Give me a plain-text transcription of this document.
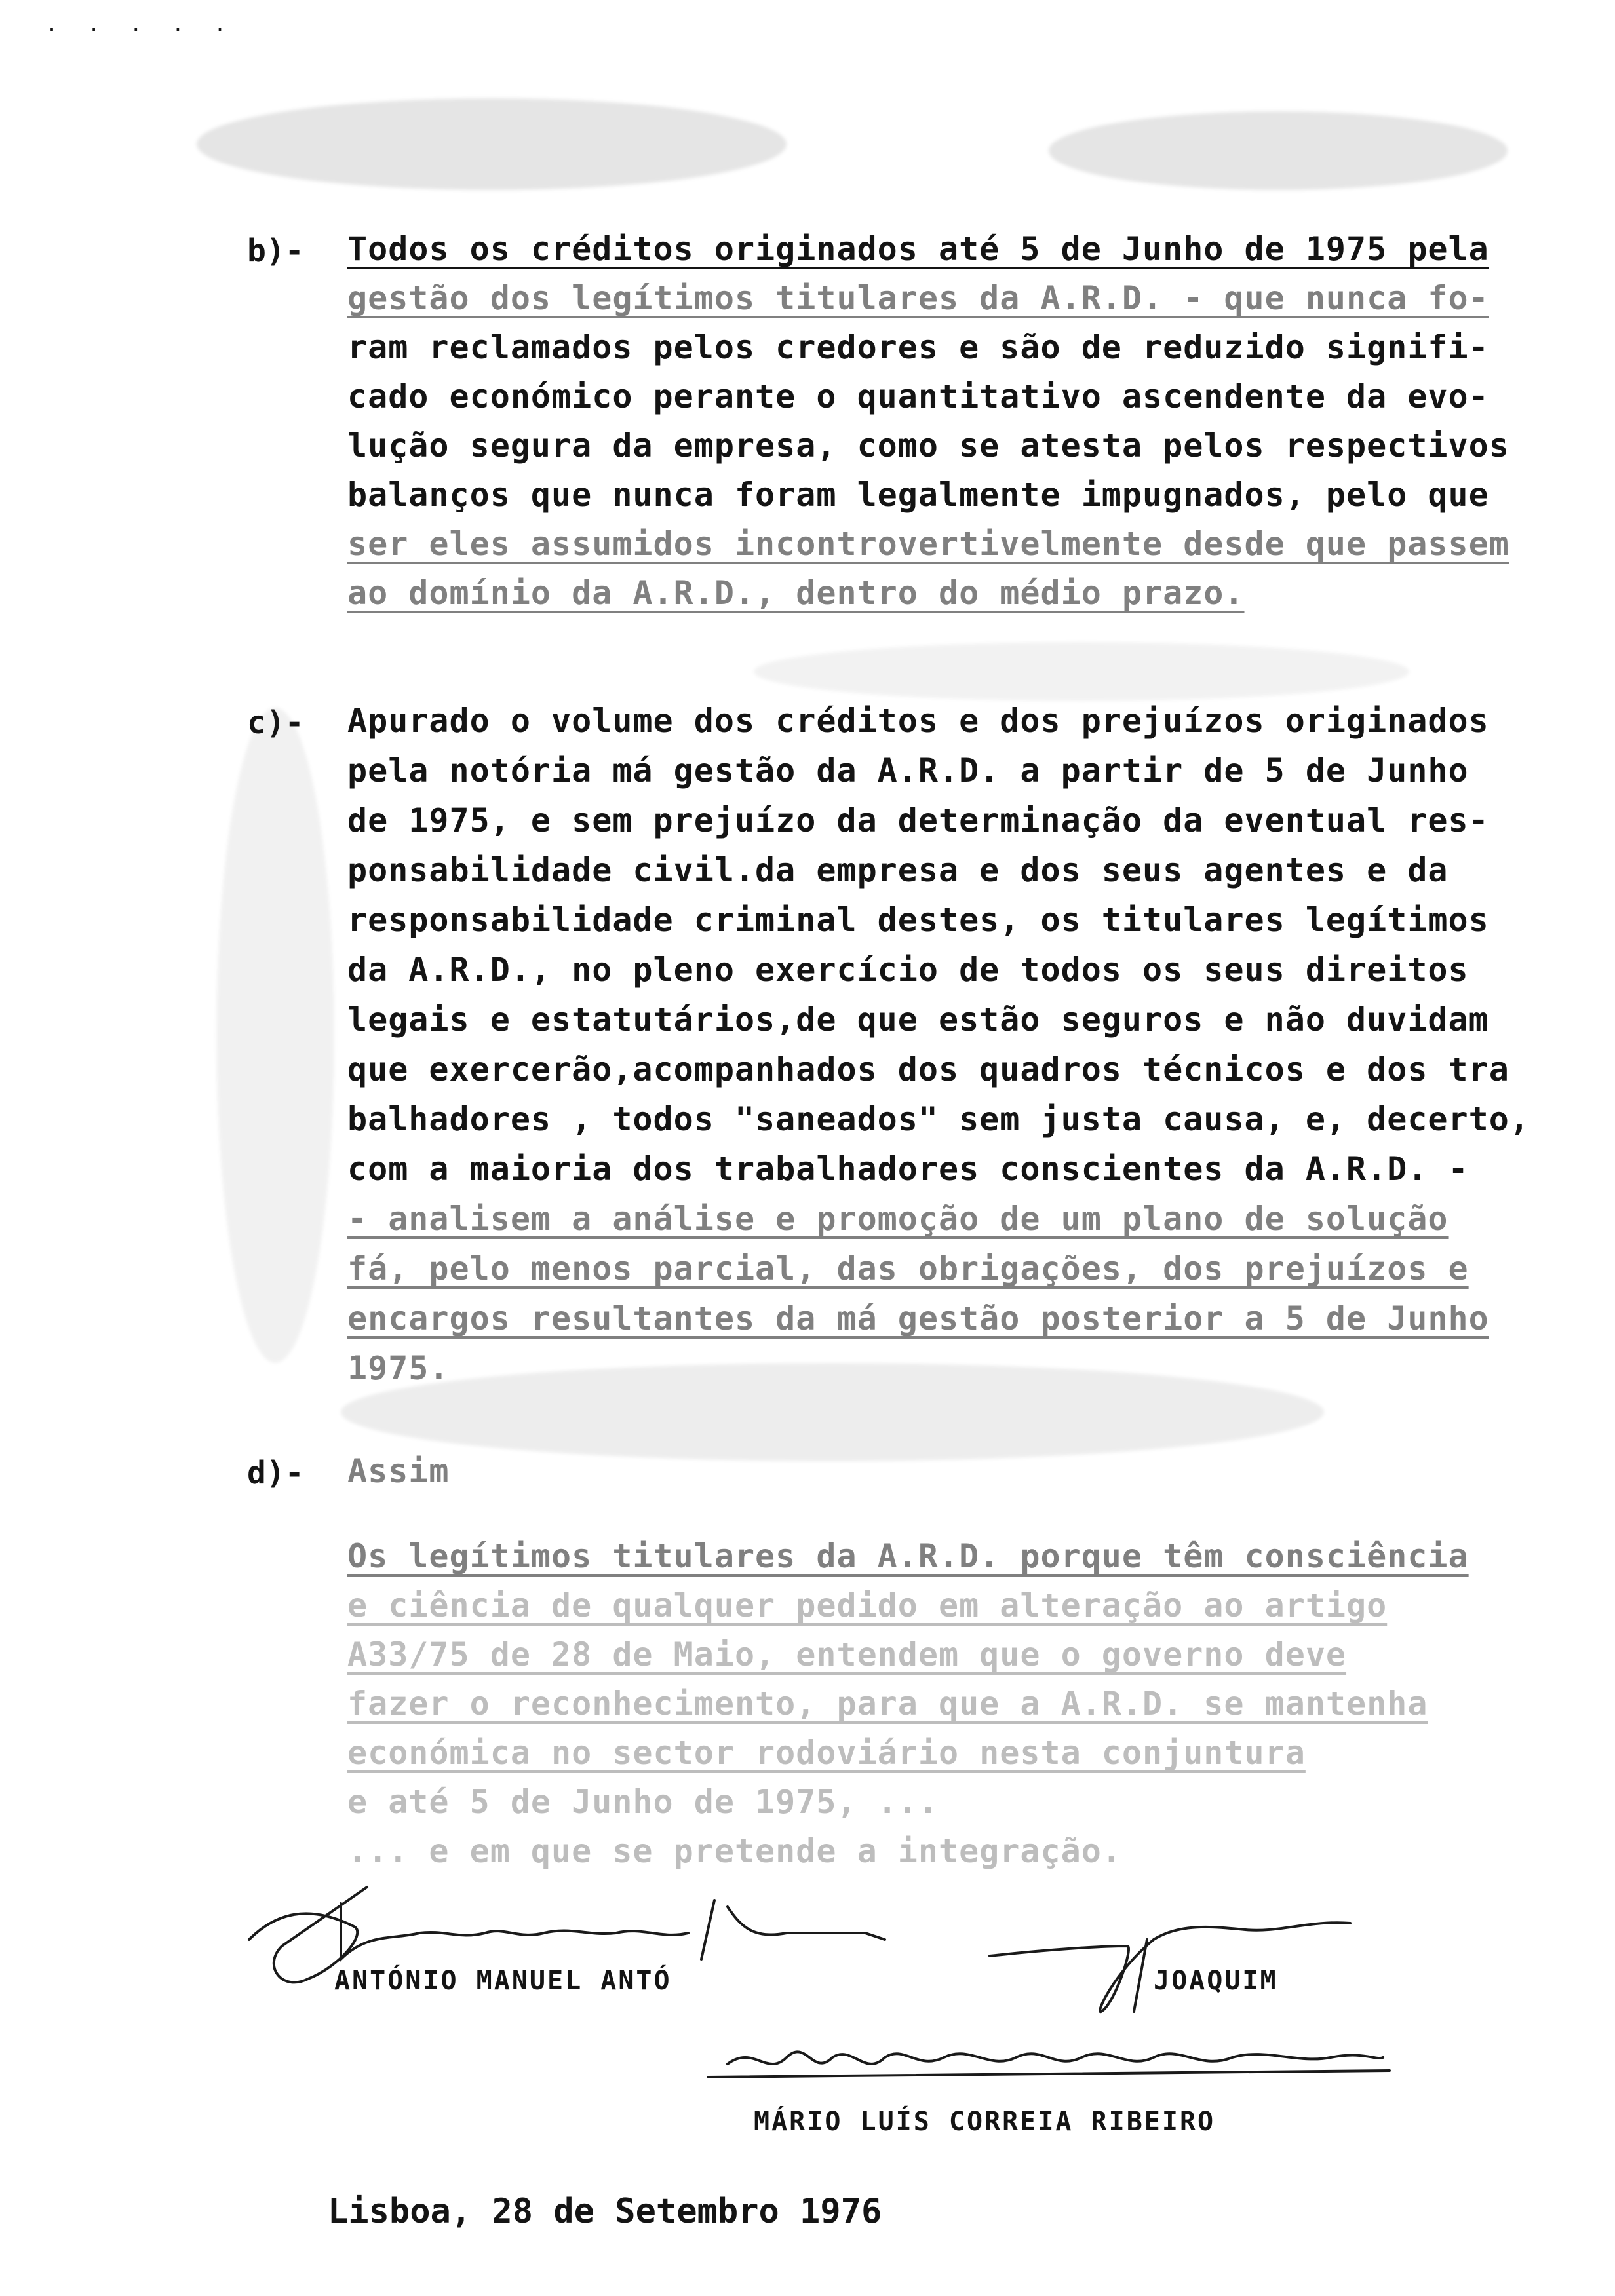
. . . . .
b)- Todos os créditos originados até 5 de Junho de 1975 pela
gestão dos legítimos titulares da A.R.D. - que nunca fo-
ram reclamados pelos credores e são de reduzido signifi-
cado económico perante o quantitativo ascendente da evo-
lução segura da empresa, como se atesta pelos respectivos
balanços que nunca foram legalmente impugnados, pelo que
ser eles assumidos incontrovertivelmente desde que passem
ao domínio da A.R.D., dentro do médio prazo.
c)- Apurado o volume dos créditos e dos prejuízos originados
pela notória má gestão da A.R.D. a partir de 5 de Junho
de 1975, e sem prejuízo da determinação da eventual res-
ponsabilidade civil.da empresa e dos seus agentes e da
responsabilidade criminal destes, os titulares legítimos
da A.R.D., no pleno exercício de todos os seus direitos
legais e estatutários,de que estão seguros e não duvidam
que exercerão,acompanhados dos quadros técnicos e dos tra
balhadores , todos "saneados" sem justa causa, e, decerto,
com a maioria dos trabalhadores conscientes da A.R.D. -
- analisem a análise e promoção de um plano de solução
fá, pelo menos parcial, das obrigações, dos prejuízos e
encargos resultantes da má gestão posterior a 5 de Junho
1975.
d)- Assim
Os legítimos titulares da A.R.D. porque têm consciência
e ciência de qualquer pedido em alteração ao artigo
A33/75 de 28 de Maio, entendem que o governo deve
fazer o reconhecimento, para que a A.R.D. se mantenha
económica no sector rodoviário nesta conjuntura
e até 5 de Junho de 1975, ...
... e em que se pretende a integração.
ANTÓNIO MANUEL ANTÓ	JOAQUIM
MÁRIO LUÍS CORREIA RIBEIRO
Lisboa, 28 de Setembro 1976
